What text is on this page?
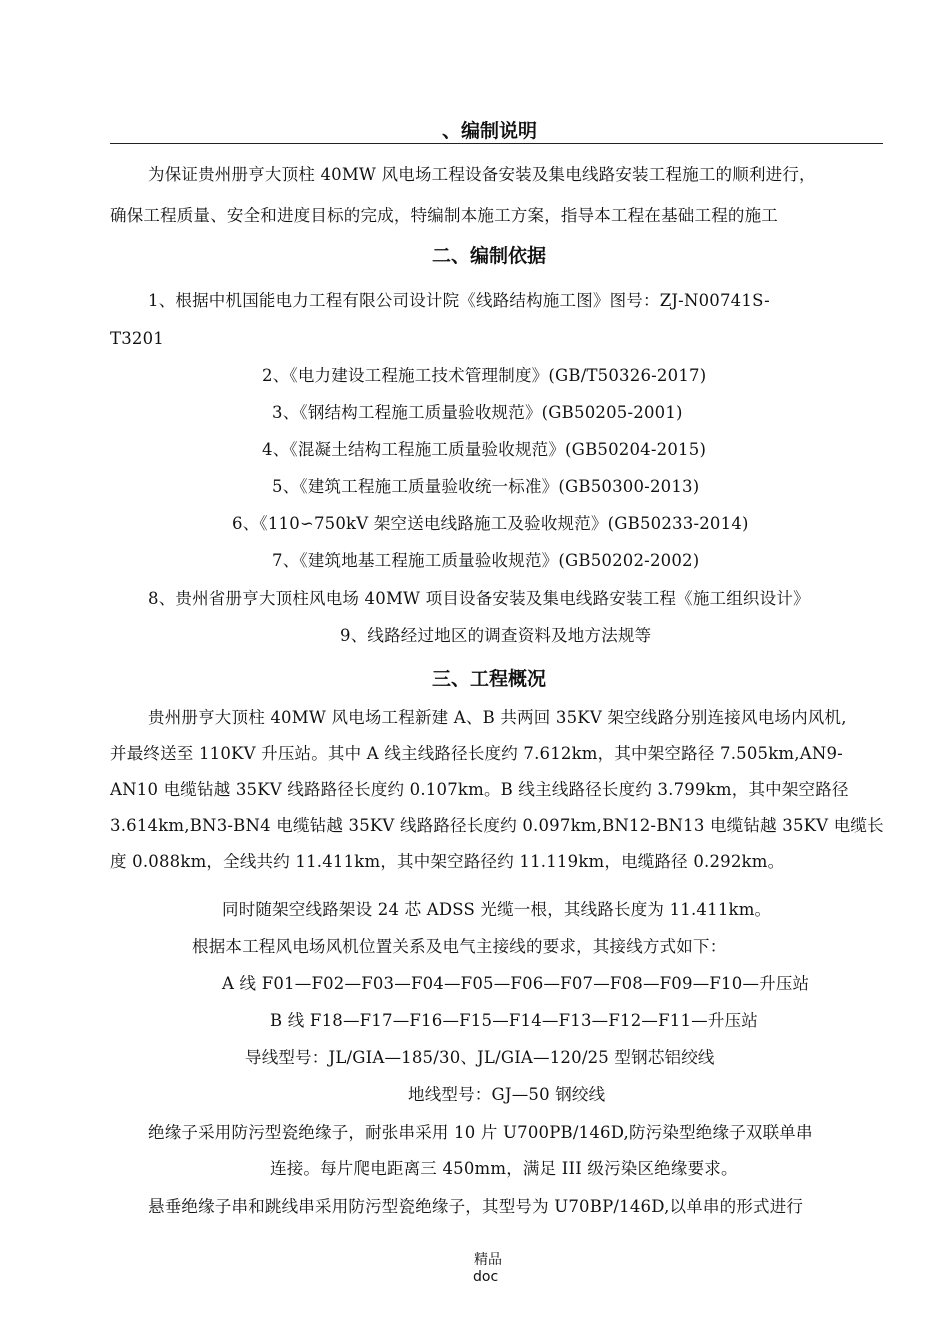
、编制说明
为保证贵州册亨大顶柱 40MW 风电场工程设备安装及集电线路安装工程施工的顺利进行，
确保工程质量、安全和进度目标的完成，特编制本施工方案，指导本工程在基础工程的施工
二、编制依据
1、根据中机国能电力工程有限公司设计院《线路结构施工图》图号：ZJ-N00741S-
T3201
2、《电力建设工程施工技术管理制度》(GB/T50326-2017)
3、《钢结构工程施工质量验收规范》(GB50205-2001)
4、《混凝土结构工程施工质量验收规范》(GB50204-2015)
5、《建筑工程施工质量验收统一标准》(GB50300-2013)
6、《110∽750kV 架空送电线路施工及验收规范》(GB50233-2014)
7、《建筑地基工程施工质量验收规范》(GB50202-2002)
8、贵州省册亨大顶柱风电场 40MW 项目设备安装及集电线路安装工程《施工组织设计》
9、线路经过地区的调查资料及地方法规等
三、工程概况
贵州册亨大顶柱 40MW 风电场工程新建 A、B 共两回 35KV 架空线路分别连接风电场内风机,
并最终送至 110KV 升压站。其中 A 线主线路径长度约 7.612km，其中架空路径 7.505km,AN9-
AN10 电缆钻越 35KV 线路路径长度约 0.107km。B 线主线路径长度约 3.799km，其中架空路径
3.614km,BN3-BN4 电缆钻越 35KV 线路路径长度约 0.097km,BN12-BN13 电缆钻越 35KV 电缆长
度 0.088km，全线共约 11.411km，其中架空路径约 11.119km，电缆路径 0.292km。
同时随架空线路架设 24 芯 ADSS 光缆一根，其线路长度为 11.411km。
根据本工程风电场风机位置关系及电气主接线的要求，其接线方式如下：
A 线 F01—F02—F03—F04—F05—F06—F07—F08—F09—F10—升压站
B 线 F18—F17—F16—F15—F14—F13—F12—F11—升压站
导线型号：JL/GIA—185/30、JL/GIA—120/25 型钢芯铝绞线
地线型号：GJ—50 钢绞线
绝缘子采用防污型瓷绝缘子，耐张串采用 10 片 U700PB/146D,防污染型绝缘子双联单串
连接。每片爬电距离三 450mm，满足 III 级污染区绝缘要求。
悬垂绝缘子串和跳线串采用防污型瓷绝缘子，其型号为 U70BP/146D,以单串的形式进行
精品
doc
